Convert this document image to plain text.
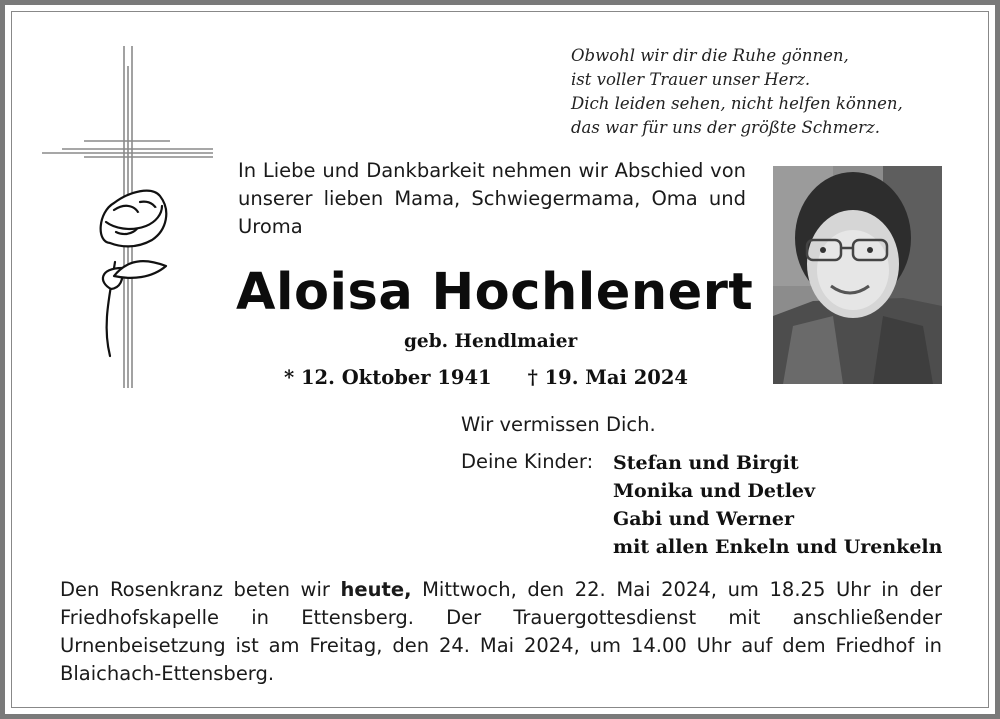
Obwohl wir dir die Ruhe gönnen,
ist voller Trauer unser Herz.
Dich leiden sehen, nicht helfen können,
das war für uns der größte Schmerz.
In Liebe und Dankbarkeit nehmen wir Abschied von unserer lieben Mama, Schwiegermama, Oma und Uroma
Aloisa Hochlenert
geb. Hendlmaier
* 12. Oktober 1941 † 19. Mai 2024
Wir vermissen Dich.
Deine Kinder: Stefan und Birgit
Monika und Detlev
Gabi und Werner
mit allen Enkeln und Urenkeln
Den Rosenkranz beten wir heute, Mittwoch, den 22. Mai 2024, um 18.25 Uhr in der Friedhofskapelle in Ettensberg. Der Trauergottesdienst mit anschließender Urnenbeisetzung ist am Freitag, den 24. Mai 2024, um 14.00 Uhr auf dem Friedhof in Blaichach-Ettensberg.
